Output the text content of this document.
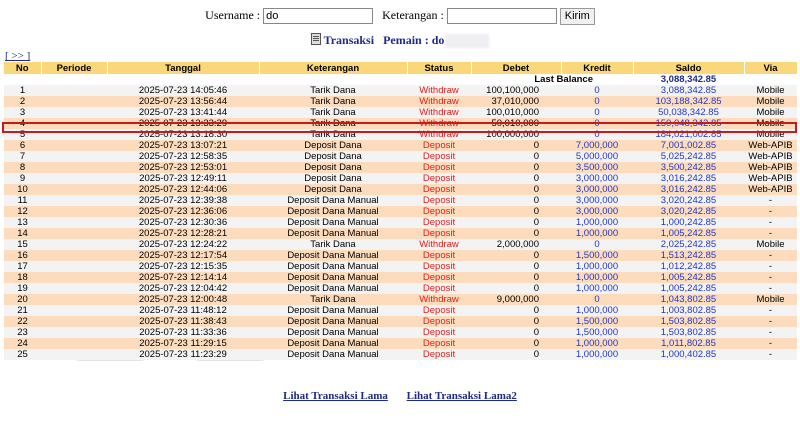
Username : do	Keterangan :	Kirim
Transaksi Pemain : do
[ >> ]
No	Periode	Tanggal	Keterangan	Status	Debet	Kredit	Saldo	Via
Last Balance							3,088,342.85	
1		2025-07-23 14:05:46	Tarik Dana	Withdraw	100,100,000	0	3,088,342.85	Mobile
2		2025-07-23 13:56:44	Tarik Dana	Withdraw	37,010,000	0	103,188,342.85	Mobile
3		2025-07-23 13:41:44	Tarik Dana	Withdraw	100,010,000	0	50,038,342.85	Mobile
4		2025-07-23 13:33:29	Tarik Dana	Withdraw	50,010,000	0	150,048,342.85	Mobile
5		2025-07-23 13:18:30	Tarik Dana	Withdraw	100,000,000	0	184,021,002.85	Mobile
6		2025-07-23 13:07:21	Deposit Dana	Deposit	0	7,000,000	7,001,002.85	Web-APIB
7		2025-07-23 12:58:35	Deposit Dana	Deposit	0	5,000,000	5,025,242.85	Web-APIB
8		2025-07-23 12:53:01	Deposit Dana	Deposit	0	3,500,000	3,500,242.85	Web-APIB
9		2025-07-23 12:49:11	Deposit Dana	Deposit	0	3,000,000	3,016,242.85	Web-APIB
10		2025-07-23 12:44:06	Deposit Dana	Deposit	0	3,000,000	3,016,242.85	Web-APIB
11		2025-07-23 12:39:38	Deposit Dana Manual	Deposit	0	3,000,000	3,020,242.85	-
12		2025-07-23 12:36:06	Deposit Dana Manual	Deposit	0	3,000,000	3,020,242.85	-
13		2025-07-23 12:30:36	Deposit Dana Manual	Deposit	0	1,000,000	1,000,242.85	-
14		2025-07-23 12:28:21	Deposit Dana Manual	Deposit	0	1,000,000	1,005,242.85	-
15		2025-07-23 12:24:22	Tarik Dana	Withdraw	2,000,000	0	2,025,242.85	Mobile
16		2025-07-23 12:17:54	Deposit Dana Manual	Deposit	0	1,500,000	1,513,242.85	-
17		2025-07-23 12:15:35	Deposit Dana Manual	Deposit	0	1,000,000	1,012,242.85	-
18		2025-07-23 12:14:14	Deposit Dana Manual	Deposit	0	1,000,000	1,005,242.85	-
19		2025-07-23 12:04:42	Deposit Dana Manual	Deposit	0	1,000,000	1,005,242.85	-
20		2025-07-23 12:00:48	Tarik Dana	Withdraw	9,000,000	0	1,043,802.85	Mobile
21		2025-07-23 11:48:12	Deposit Dana Manual	Deposit	0	1,000,000	1,003,802.85	-
22		2025-07-23 11:38:43	Deposit Dana Manual	Deposit	0	1,500,000	1,503,802.85	-
23		2025-07-23 11:33:36	Deposit Dana Manual	Deposit	0	1,500,000	1,503,802.85	-
24		2025-07-23 11:29:15	Deposit Dana Manual	Deposit	0	1,000,000	1,011,802.85	-
25		2025-07-23 11:23:29	Deposit Dana Manual	Deposit	0	1,000,000	1,000,402.85	-
Lihat Transaksi Lama Lihat Transaksi Lama2
